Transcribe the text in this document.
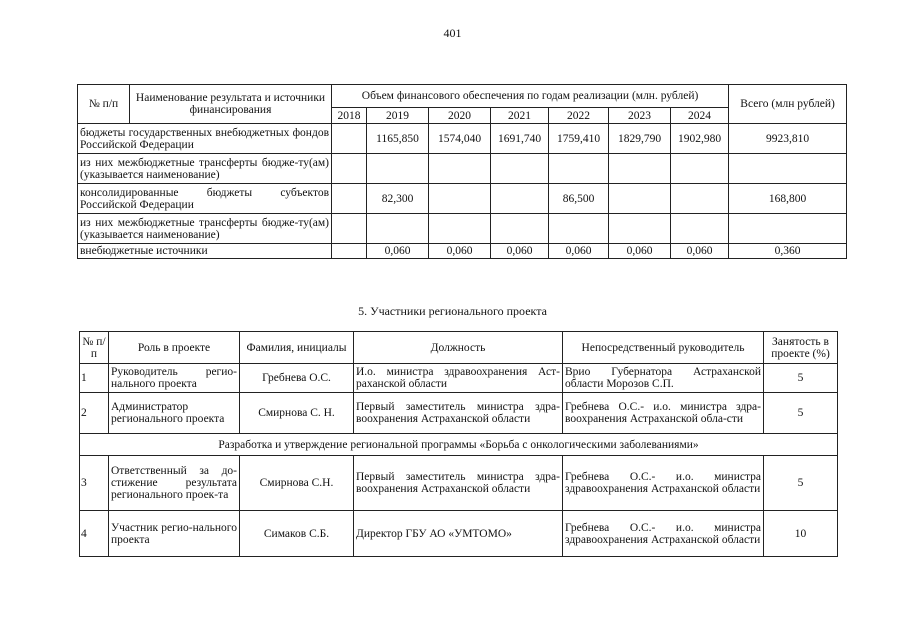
401
№ п/п	Наименование результата и источники финансирования	Объем финансового обеспечения по годам реализации (млн. рублей)							Всего (млн рублей)
		2018	2019	2020	2021	2022	2023	2024	
бюджеты государственных внебюджетных фондов Российской Федерации			1165,850	1574,040	1691,740	1759,410	1829,790	1902,980	9923,810
из них межбюджетные трансферты бюдже-ту(ам) (указывается наименование)									
консолидированные бюджеты субъектов Российской Федерации			82,300			86,500			168,800
из них межбюджетные трансферты бюдже-ту(ам) (указывается наименование)									
внебюджетные источники			0,060	0,060	0,060	0,060	0,060	0,060	0,360
5. Участники регионального проекта
№ п/п	Роль в проекте	Фамилия, инициалы	Должность	Непосредственный руководитель	Занятость в проекте (%)
1	Руководитель регио-нального проекта	Гребнева О.С.	И.о. министра здравоохранения Аст-раханской области	Врио Губернатора Астраханской области Морозов С.П.	5
2	Администратор регионального проекта	Смирнова С. Н.	Первый заместитель министра здра-воохранения Астраханской области	Гребнева О.С.- и.о. министра здра-воохранения Астраханской обла-сти	5
Разработка и утверждение региональной программы «Борьба с онкологическими заболеваниями»					
3	Ответственный за до-стижение результата регионального проек-та	Смирнова С.Н.	Первый заместитель министра здра-воохранения Астраханской области	Гребнева О.С.- и.о. министра здравоохранения Астраханской области	5
4	Участник регио-нального проекта	Симаков С.Б.	Директор ГБУ АО «УМТОМО»	Гребнева О.С.- и.о. министра здравоохранения Астраханской области	10
